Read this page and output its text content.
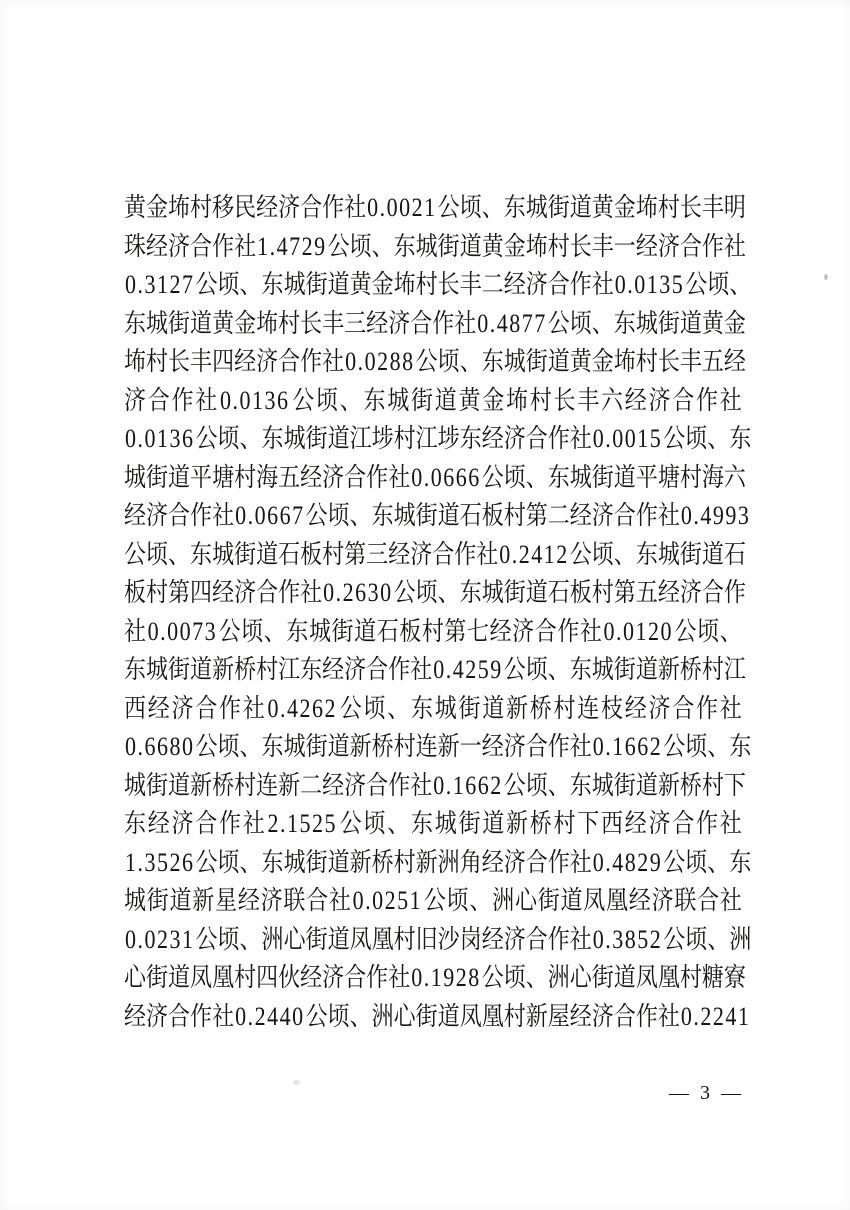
黄 金 㘵 村 移 民 经 济 合 作 社 0.0021 公 顷 、 东 城 街 道 黄 金 㘵 村 长 丰 明
珠 经 济 合 作 社 1.4729 公 顷 、 东 城 街 道 黄 金 㘵 村 长 丰 一 经 济 合 作 社
0.3127 公 顷 、 东 城 街 道 黄 金 㘵 村 长 丰 二 经 济 合 作 社 0.0135 公 顷 、
东 城 街 道 黄 金 㘵 村 长 丰 三 经 济 合 作 社 0.4877 公 顷 、 东 城 街 道 黄 金
㘵 村 长 丰 四 经 济 合 作 社 0.0288 公 顷 、 东 城 街 道 黄 金 㘵 村 长 丰 五 经
济 合 作 社 0.0136 公 顷 、 东 城 街 道 黄 金 㘵 村 长 丰 六 经 济 合 作 社
0.0136 公 顷 、 东 城 街 道 江 埗 村 江 埗 东 经 济 合 作 社 0.0015 公 顷 、 东
城 街 道 平 塘 村 海 五 经 济 合 作 社 0.0666 公 顷 、 东 城 街 道 平 塘 村 海 六
经 济 合 作 社 0.0667 公 顷 、 东 城 街 道 石 板 村 第 二 经 济 合 作 社 0.4993
公 顷 、 东 城 街 道 石 板 村 第 三 经 济 合 作 社 0.2412 公 顷 、 东 城 街 道 石
板 村 第 四 经 济 合 作 社 0.2630 公 顷 、 东 城 街 道 石 板 村 第 五 经 济 合 作
社 0.0073 公 顷 、 东 城 街 道 石 板 村 第 七 经 济 合 作 社 0.0120 公 顷 、
东 城 街 道 新 桥 村 江 东 经 济 合 作 社 0.4259 公 顷 、 东 城 街 道 新 桥 村 江
西 经 济 合 作 社 0.4262 公 顷 、 东 城 街 道 新 桥 村 连 枝 经 济 合 作 社
0.6680 公 顷 、 东 城 街 道 新 桥 村 连 新 一 经 济 合 作 社 0.1662 公 顷 、 东
城 街 道 新 桥 村 连 新 二 经 济 合 作 社 0.1662 公 顷 、 东 城 街 道 新 桥 村 下
东 经 济 合 作 社 2.1525 公 顷 、 东 城 街 道 新 桥 村 下 西 经 济 合 作 社
1.3526 公 顷 、 东 城 街 道 新 桥 村 新 洲 角 经 济 合 作 社 0.4829 公 顷 、 东
城 街 道 新 星 经 济 联 合 社 0.0251 公 顷 、 洲 心 街 道 凤 凰 经 济 联 合 社
0.0231 公 顷 、 洲 心 街 道 凤 凰 村 旧 沙 岗 经 济 合 作 社 0.3852 公 顷 、 洲
心 街 道 凤 凰 村 四 伙 经 济 合 作 社 0.1928 公 顷 、 洲 心 街 道 凤 凰 村 糖 寮
经 济 合 作 社 0.2440 公 顷 、 洲 心 街 道 凤 凰 村 新 屋 经 济 合 作 社 0.2241
— 3 —
